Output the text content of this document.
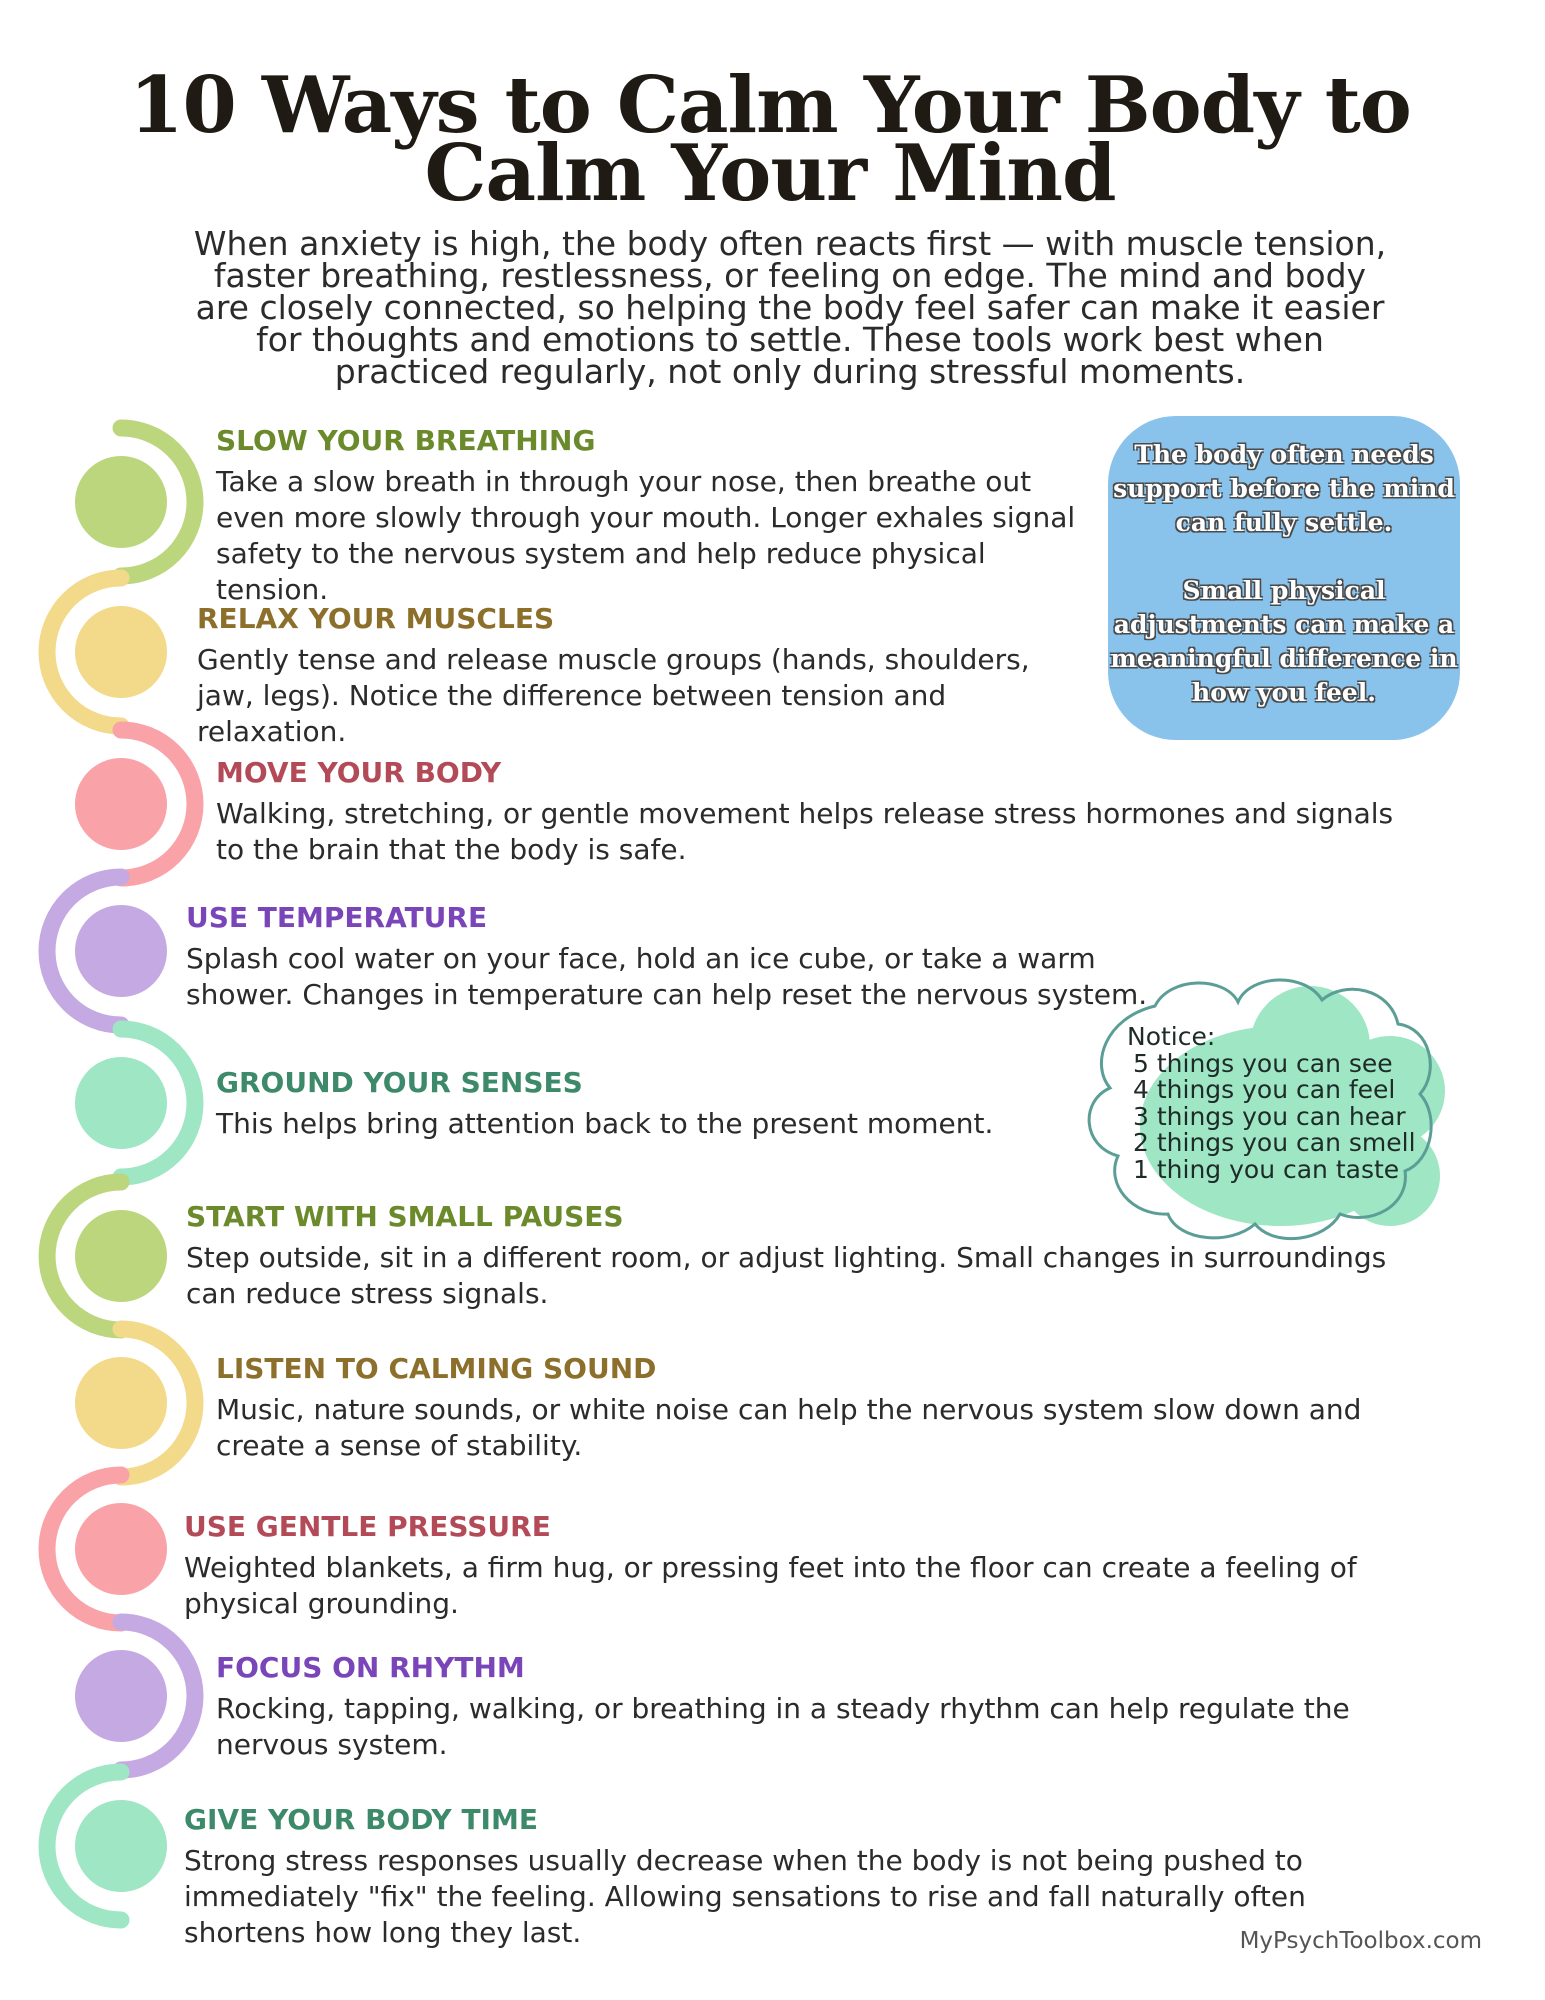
10 Ways to Calm Your Body to
Calm Your Mind

When anxiety is high, the body often reacts first — with muscle tension, faster breathing, restlessness, or feeling on edge. The mind and body are closely connected, so helping the body feel safer can make it easier for thoughts and emotions to settle. These tools work best when practiced regularly, not only during stressful moments.

SLOW YOUR BREATHING

Take a slow breath in through your nose, then breathe out even more slowly through your mouth. Longer exhales signal safety to the nervous system and help reduce physical tension.

RELAX YOUR MUSCLES

Gently tense and release muscle groups (hands, shoulders, jaw, legs). Notice the difference between tension and relaxation.

MOVE YOUR BODY

Walking, stretching, or gentle movement helps release stress hormones and signals to the brain that the body is safe.

USE TEMPERATURE

Splash cool water on your face, hold an ice cube, or take a warm shower. Changes in temperature can help reset the nervous system.

GROUND YOUR SENSES

This helps bring attention back to the present moment.

START WITH SMALL PAUSES

Step outside, sit in a different room, or adjust lighting. Small changes in surroundings can reduce stress signals.

LISTEN TO CALMING SOUND

Music, nature sounds, or white noise can help the nervous system slow down and create a sense of stability.

USE GENTLE PRESSURE

Weighted blankets, a firm hug, or pressing feet into the floor can create a feeling of physical grounding.

FOCUS ON RHYTHM

Rocking, tapping, walking, or breathing in a steady rhythm can help regulate the nervous system.

GIVE YOUR BODY TIME

Strong stress responses usually decrease when the body is not being pushed to immediately "fix" the feeling. Allowing sensations to rise and fall naturally often shortens how long they last.

The body often needs support before the mind can fully settle.

Small physical adjustments can make a meaningful difference in how you feel.

Notice:

5 things you can see
4 things you can feel
3 things you can hear
2 things you can smell
1 thing you can taste
MyPsychToolbox.com
